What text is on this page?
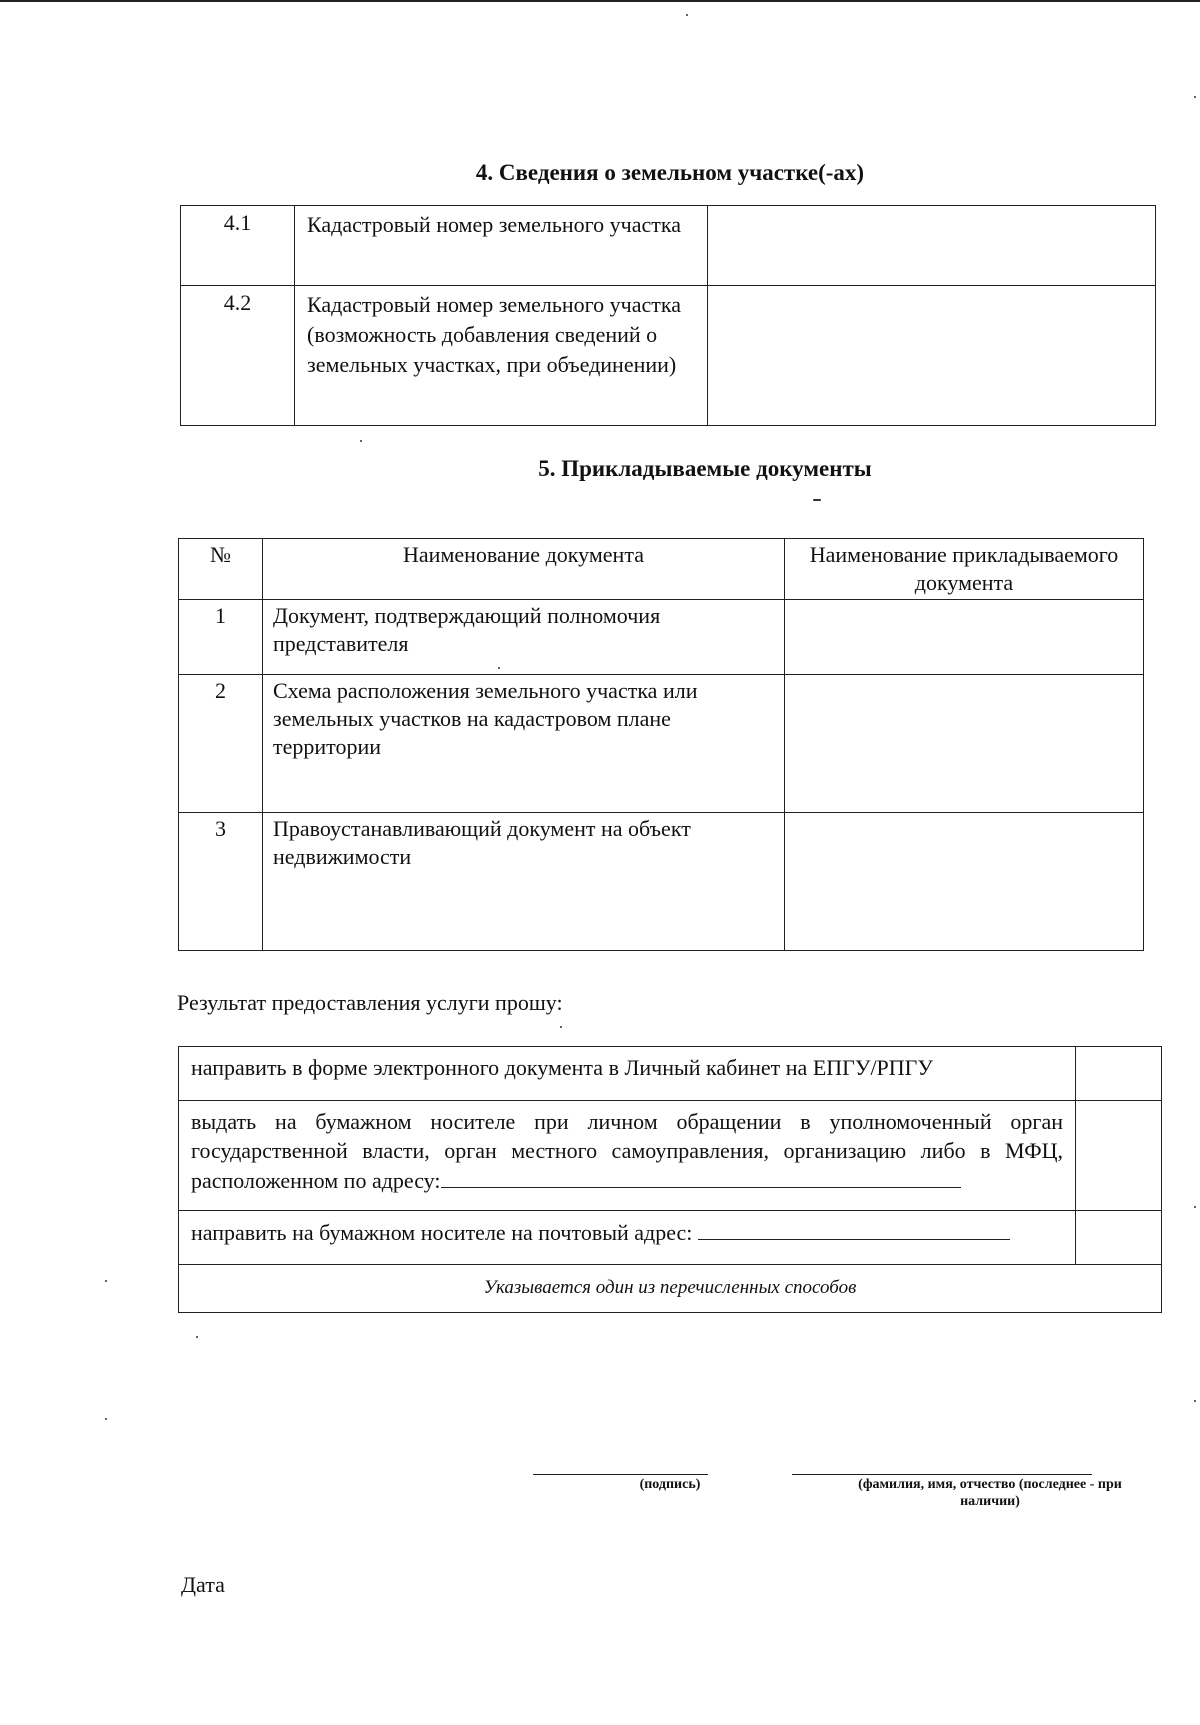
4. Сведения о земельном участке(-ах)
4.1	Кадастровый номер земельного участка	
4.2	Кадастровый номер земельного участка (возможность добавления сведений о земельных участках, при объединении)	
5. Прикладываемые документы
№	Наименование документа	Наименование прикладываемого документа
1	Документ, подтверждающий полномочия представителя	
2	Схема расположения земельного участка или земельных участков на кадастровом плане территории	
3	Правоустанавливающий документ на объект недвижимости	
Результат предоставления услуги прошу:
направить в форме электронного документа в Личный кабинет на ЕПГУ/РПГУ	
выдать на бумажном носителе при личном обращении в уполномоченный орган государственной власти, орган местного самоуправления, организацию либо в МФЦ, расположенном по адресу:	
направить на бумажном носителе на почтовый адрес:	
Указывается один из перечисленных способов	
(подпись)	(фамилия, имя, отчество (последнее - при наличии)
Дата
